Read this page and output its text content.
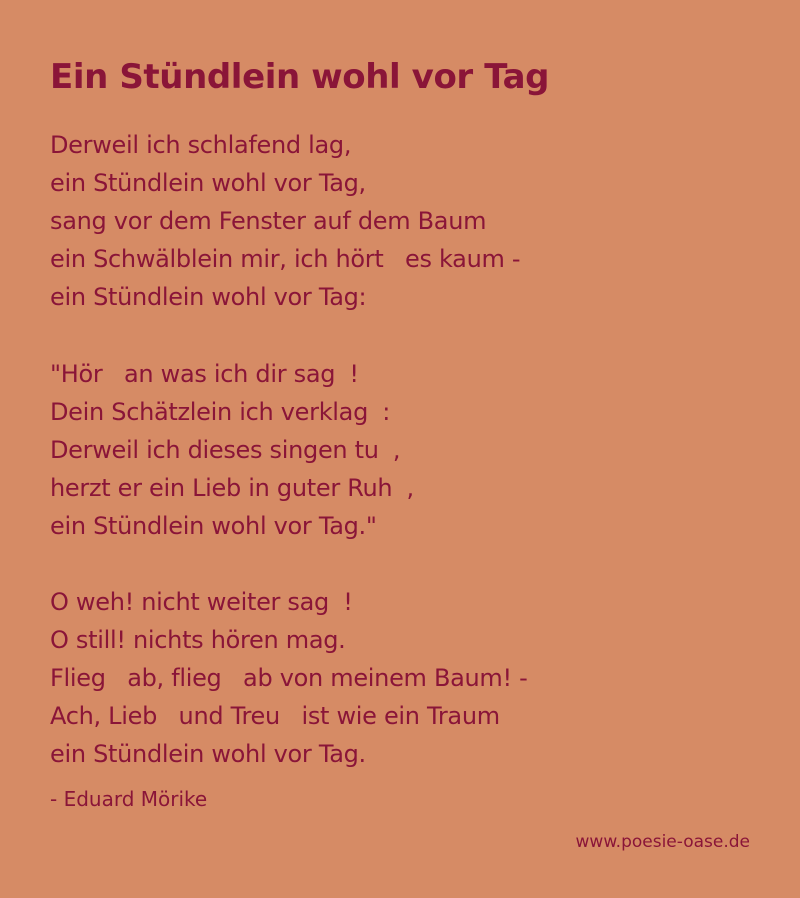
Ein Stündlein wohl vor Tag
Derweil ich schlafend lag,
ein Stündlein wohl vor Tag,
sang vor dem Fenster auf dem Baum
ein Schwälblein mir, ich hört es kaum -
ein Stündlein wohl vor Tag:
"Hör an was ich dir sag!
Dein Schätzlein ich verklag:
Derweil ich dieses singen tu,
herzt er ein Lieb in guter Ruh,
ein Stündlein wohl vor Tag."
O weh! nicht weiter sag!
O still! nichts hören mag.
Flieg ab, flieg ab von meinem Baum! -
Ach, Lieb und Treu ist wie ein Traum
ein Stündlein wohl vor Tag.

- Eduard Mörike

www.poesie-oase.de
